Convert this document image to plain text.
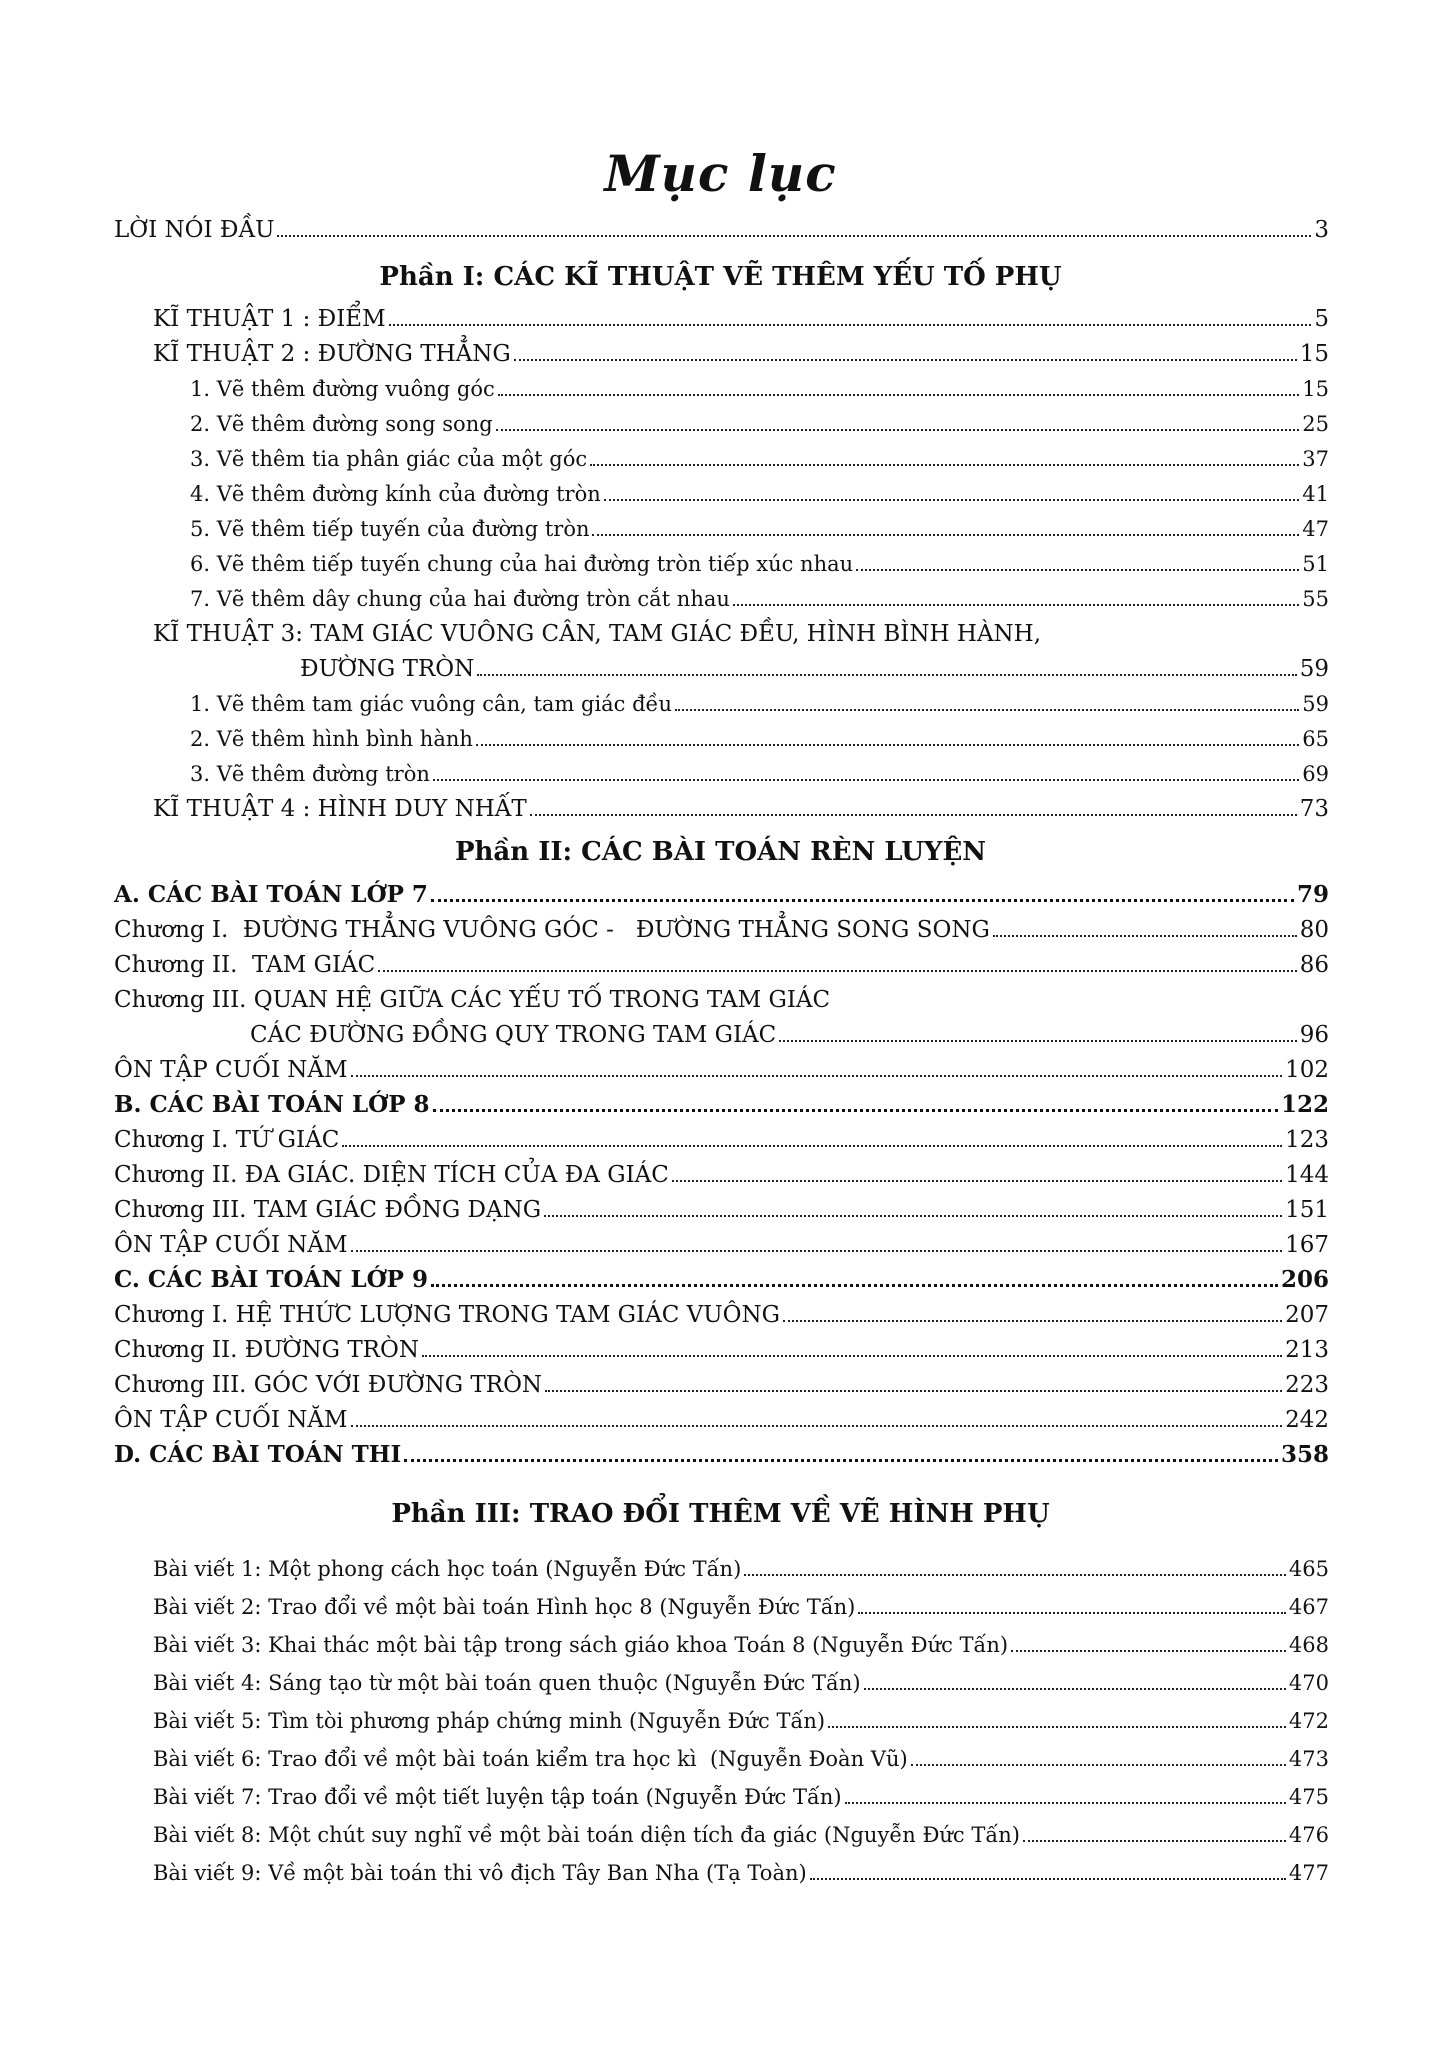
Mục lục
LỜI NÓI ĐẦU	3
Phần I: CÁC KĨ THUẬT VẼ THÊM YẾU TỐ PHỤ
KĨ THUẬT 1 : ĐIỂM	5
KĨ THUẬT 2 : ĐƯỜNG THẲNG	15
1. Vẽ thêm đường vuông góc	15
2. Vẽ thêm đường song song	25
3. Vẽ thêm tia phân giác của một góc	37
4. Vẽ thêm đường kính của đường tròn	41
5. Vẽ thêm tiếp tuyến của đường tròn	47
6. Vẽ thêm tiếp tuyến chung của hai đường tròn tiếp xúc nhau	51
7. Vẽ thêm dây chung của hai đường tròn cắt nhau	55
KĨ THUẬT 3: TAM GIÁC VUÔNG CÂN, TAM GIÁC ĐỀU, HÌNH BÌNH HÀNH,
ĐƯỜNG TRÒN	59
1. Vẽ thêm tam giác vuông cân, tam giác đều	59
2. Vẽ thêm hình bình hành	65
3. Vẽ thêm đường tròn	69
KĨ THUẬT 4 : HÌNH DUY NHẤT	73
Phần II: CÁC BÀI TOÁN RÈN LUYỆN
A. CÁC BÀI TOÁN LỚP 7	79
Chương I.  ĐƯỜNG THẲNG VUÔNG GÓC -   ĐƯỜNG THẲNG SONG SONG	80
Chương II.  TAM GIÁC	86
Chương III. QUAN HỆ GIỮA CÁC YẾU TỐ TRONG TAM GIÁC
CÁC ĐƯỜNG ĐỒNG QUY TRONG TAM GIÁC	96
ÔN TẬP CUỐI NĂM	102
B. CÁC BÀI TOÁN LỚP 8	122
Chương I. TỨ GIÁC	123
Chương II. ĐA GIÁC. DIỆN TÍCH CỦA ĐA GIÁC	144
Chương III. TAM GIÁC ĐỒNG DẠNG	151
ÔN TẬP CUỐI NĂM	167
C. CÁC BÀI TOÁN LỚP 9	206
Chương I. HỆ THỨC LƯỢNG TRONG TAM GIÁC VUÔNG	207
Chương II. ĐƯỜNG TRÒN	213
Chương III. GÓC VỚI ĐƯỜNG TRÒN	223
ÔN TẬP CUỐI NĂM	242
D. CÁC BÀI TOÁN THI	358
Phần III: TRAO ĐỔI THÊM VỀ VẼ HÌNH PHỤ
Bài viết 1: Một phong cách học toán (Nguyễn Đức Tấn)	465
Bài viết 2: Trao đổi về một bài toán Hình học 8 (Nguyễn Đức Tấn)	467
Bài viết 3: Khai thác một bài tập trong sách giáo khoa Toán 8 (Nguyễn Đức Tấn)	468
Bài viết 4: Sáng tạo từ một bài toán quen thuộc (Nguyễn Đức Tấn)	470
Bài viết 5: Tìm tòi phương pháp chứng minh (Nguyễn Đức Tấn)	472
Bài viết 6: Trao đổi về một bài toán kiểm tra học kì  (Nguyễn Đoàn Vũ)	473
Bài viết 7: Trao đổi về một tiết luyện tập toán (Nguyễn Đức Tấn)	475
Bài viết 8: Một chút suy nghĩ về một bài toán diện tích đa giác (Nguyễn Đức Tấn)	476
Bài viết 9: Về một bài toán thi vô địch Tây Ban Nha (Tạ Toàn)	477
